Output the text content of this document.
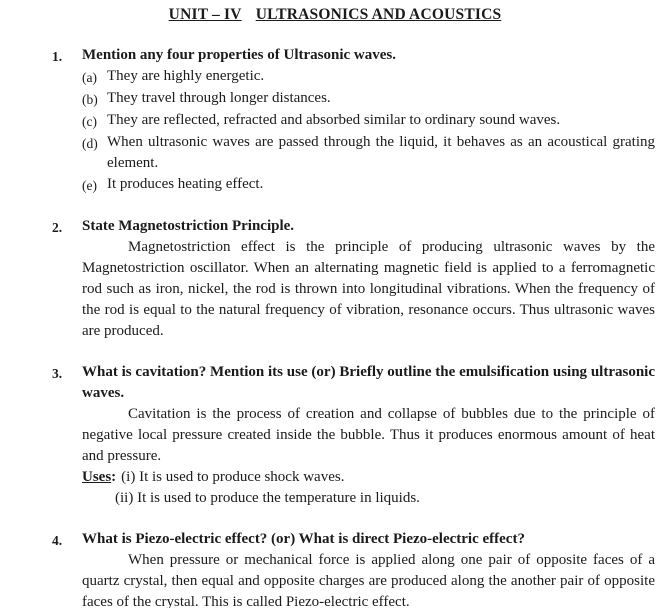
UNIT – IV ULTRASONICS AND ACOUSTICS
1.	Mention any four properties of Ultrasonic waves.
(a) They are highly energetic.
(b) They travel through longer distances.
(c) They are reflected, refracted and absorbed similar to ordinary sound waves.
(d) When ultrasonic waves are passed through the liquid, it behaves as an acoustical grating element.
(e) It produces heating effect.
2.	State Magnetostriction Principle.
Magnetostriction effect is the principle of producing ultrasonic waves by the Magnetostriction oscillator. When an alternating magnetic field is applied to a ferromagnetic rod such as iron, nickel, the rod is thrown into longitudinal vibrations. When the frequency of the rod is equal to the natural frequency of vibration, resonance occurs. Thus ultrasonic waves are produced.
3.	What is cavitation? Mention its use (or) Briefly outline the emulsification using ultrasonic waves.
Cavitation is the process of creation and collapse of bubbles due to the principle of negative local pressure created inside the bubble. Thus it produces enormous amount of heat and pressure.
Uses: (i) It is used to produce shock waves.
(ii) It is used to produce the temperature in liquids.
4.	What is Piezo-electric effect? (or) What is direct Piezo-electric effect?
When pressure or mechanical force is applied along one pair of opposite faces of a quartz crystal, then equal and opposite charges are produced along the another pair of opposite faces of the crystal. This is called Piezo-electric effect.
